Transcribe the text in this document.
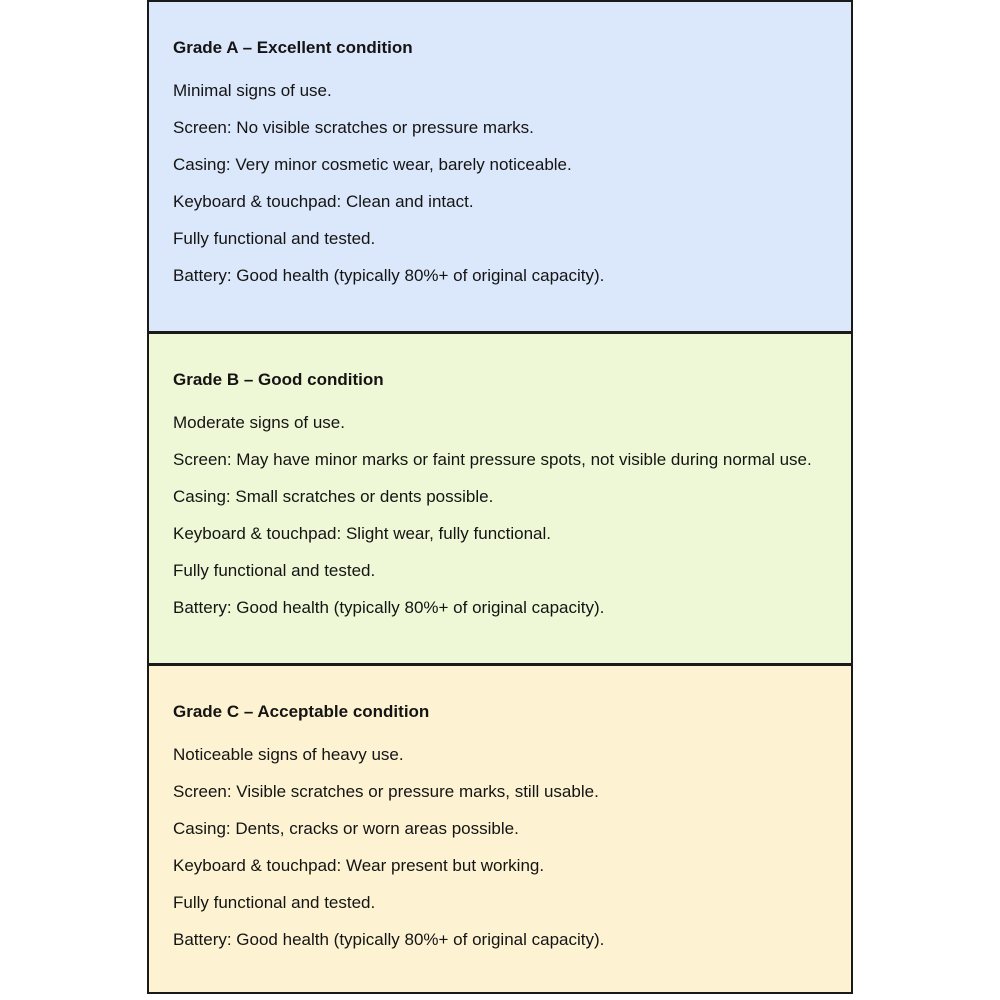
Grade A – Excellent condition

Minimal signs of use.

Screen: No visible scratches or pressure marks.

Casing: Very minor cosmetic wear, barely noticeable.

Keyboard & touchpad: Clean and intact.

Fully functional and tested.

Battery: Good health (typically 80%+ of original capacity).

Grade B – Good condition

Moderate signs of use.

Screen: May have minor marks or faint pressure spots, not visible during normal use.

Casing: Small scratches or dents possible.

Keyboard & touchpad: Slight wear, fully functional.

Fully functional and tested.

Battery: Good health (typically 80%+ of original capacity).

Grade C – Acceptable condition

Noticeable signs of heavy use.

Screen: Visible scratches or pressure marks, still usable.

Casing: Dents, cracks or worn areas possible.

Keyboard & touchpad: Wear present but working.

Fully functional and tested.

Battery: Good health (typically 80%+ of original capacity).
